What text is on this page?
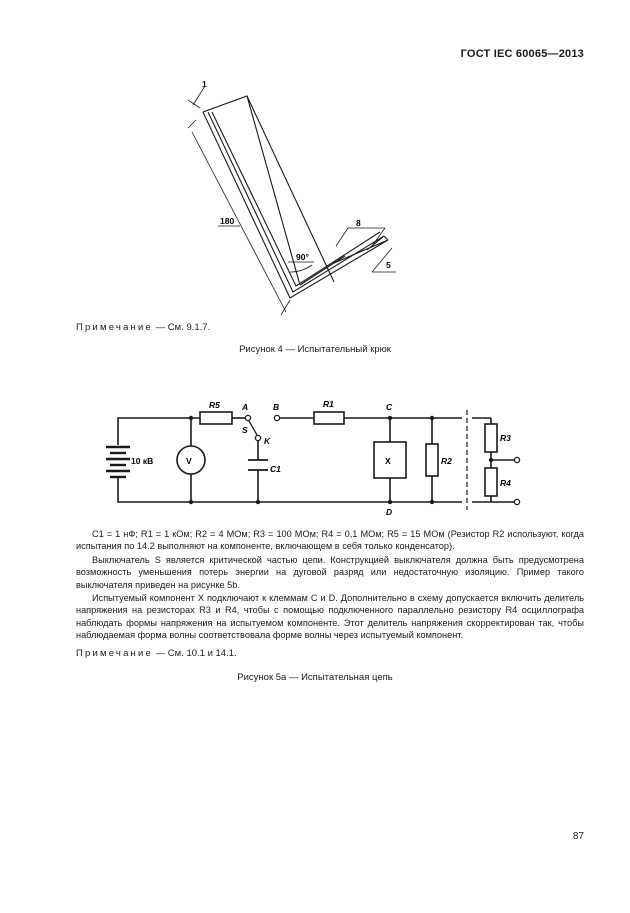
ГОСТ IEC 60065—2013
1
180
90°
8
5
Примечание — См. 9.1.7.
Рисунок 4 — Испытательный крюк
R5	A
S
K
B	R1	C
D
X	R2
R3
R4
C1
V
10 кВ
C1 = 1 нФ; R1 = 1 кОм; R2 = 4 МОм; R3 = 100 МОм; R4 = 0,1 МОм; R5 = 15 МОм (Резистор R2 используют, когда испытания по 14.2 выполняют на компоненте, включающем в себя только конденсатор).
Выключатель S является критической частью цепи. Конструкцией выключателя должна быть предусмотрена возможность уменьшения потерь энергии на дуговой разряд или недостаточную изоляцию. Пример такого выключателя приведен на рисунке 5b.
Испытуемый компонент X подключают к клеммам C и D. Дополнительно в схему допускается включить делитель напряжения на резисторах R3 и R4, чтобы с помощью подключенного параллельно резистору R4 осциллографа наблюдать формы напряжения на испытуемом компоненте. Этот делитель напряжения скорректирован так, чтобы наблюдаемая форма волны соответствовала форме волны через испытуемый компонент.
Примечание — См. 10.1 и 14.1.
Рисунок 5а — Испытательная цепь
87
